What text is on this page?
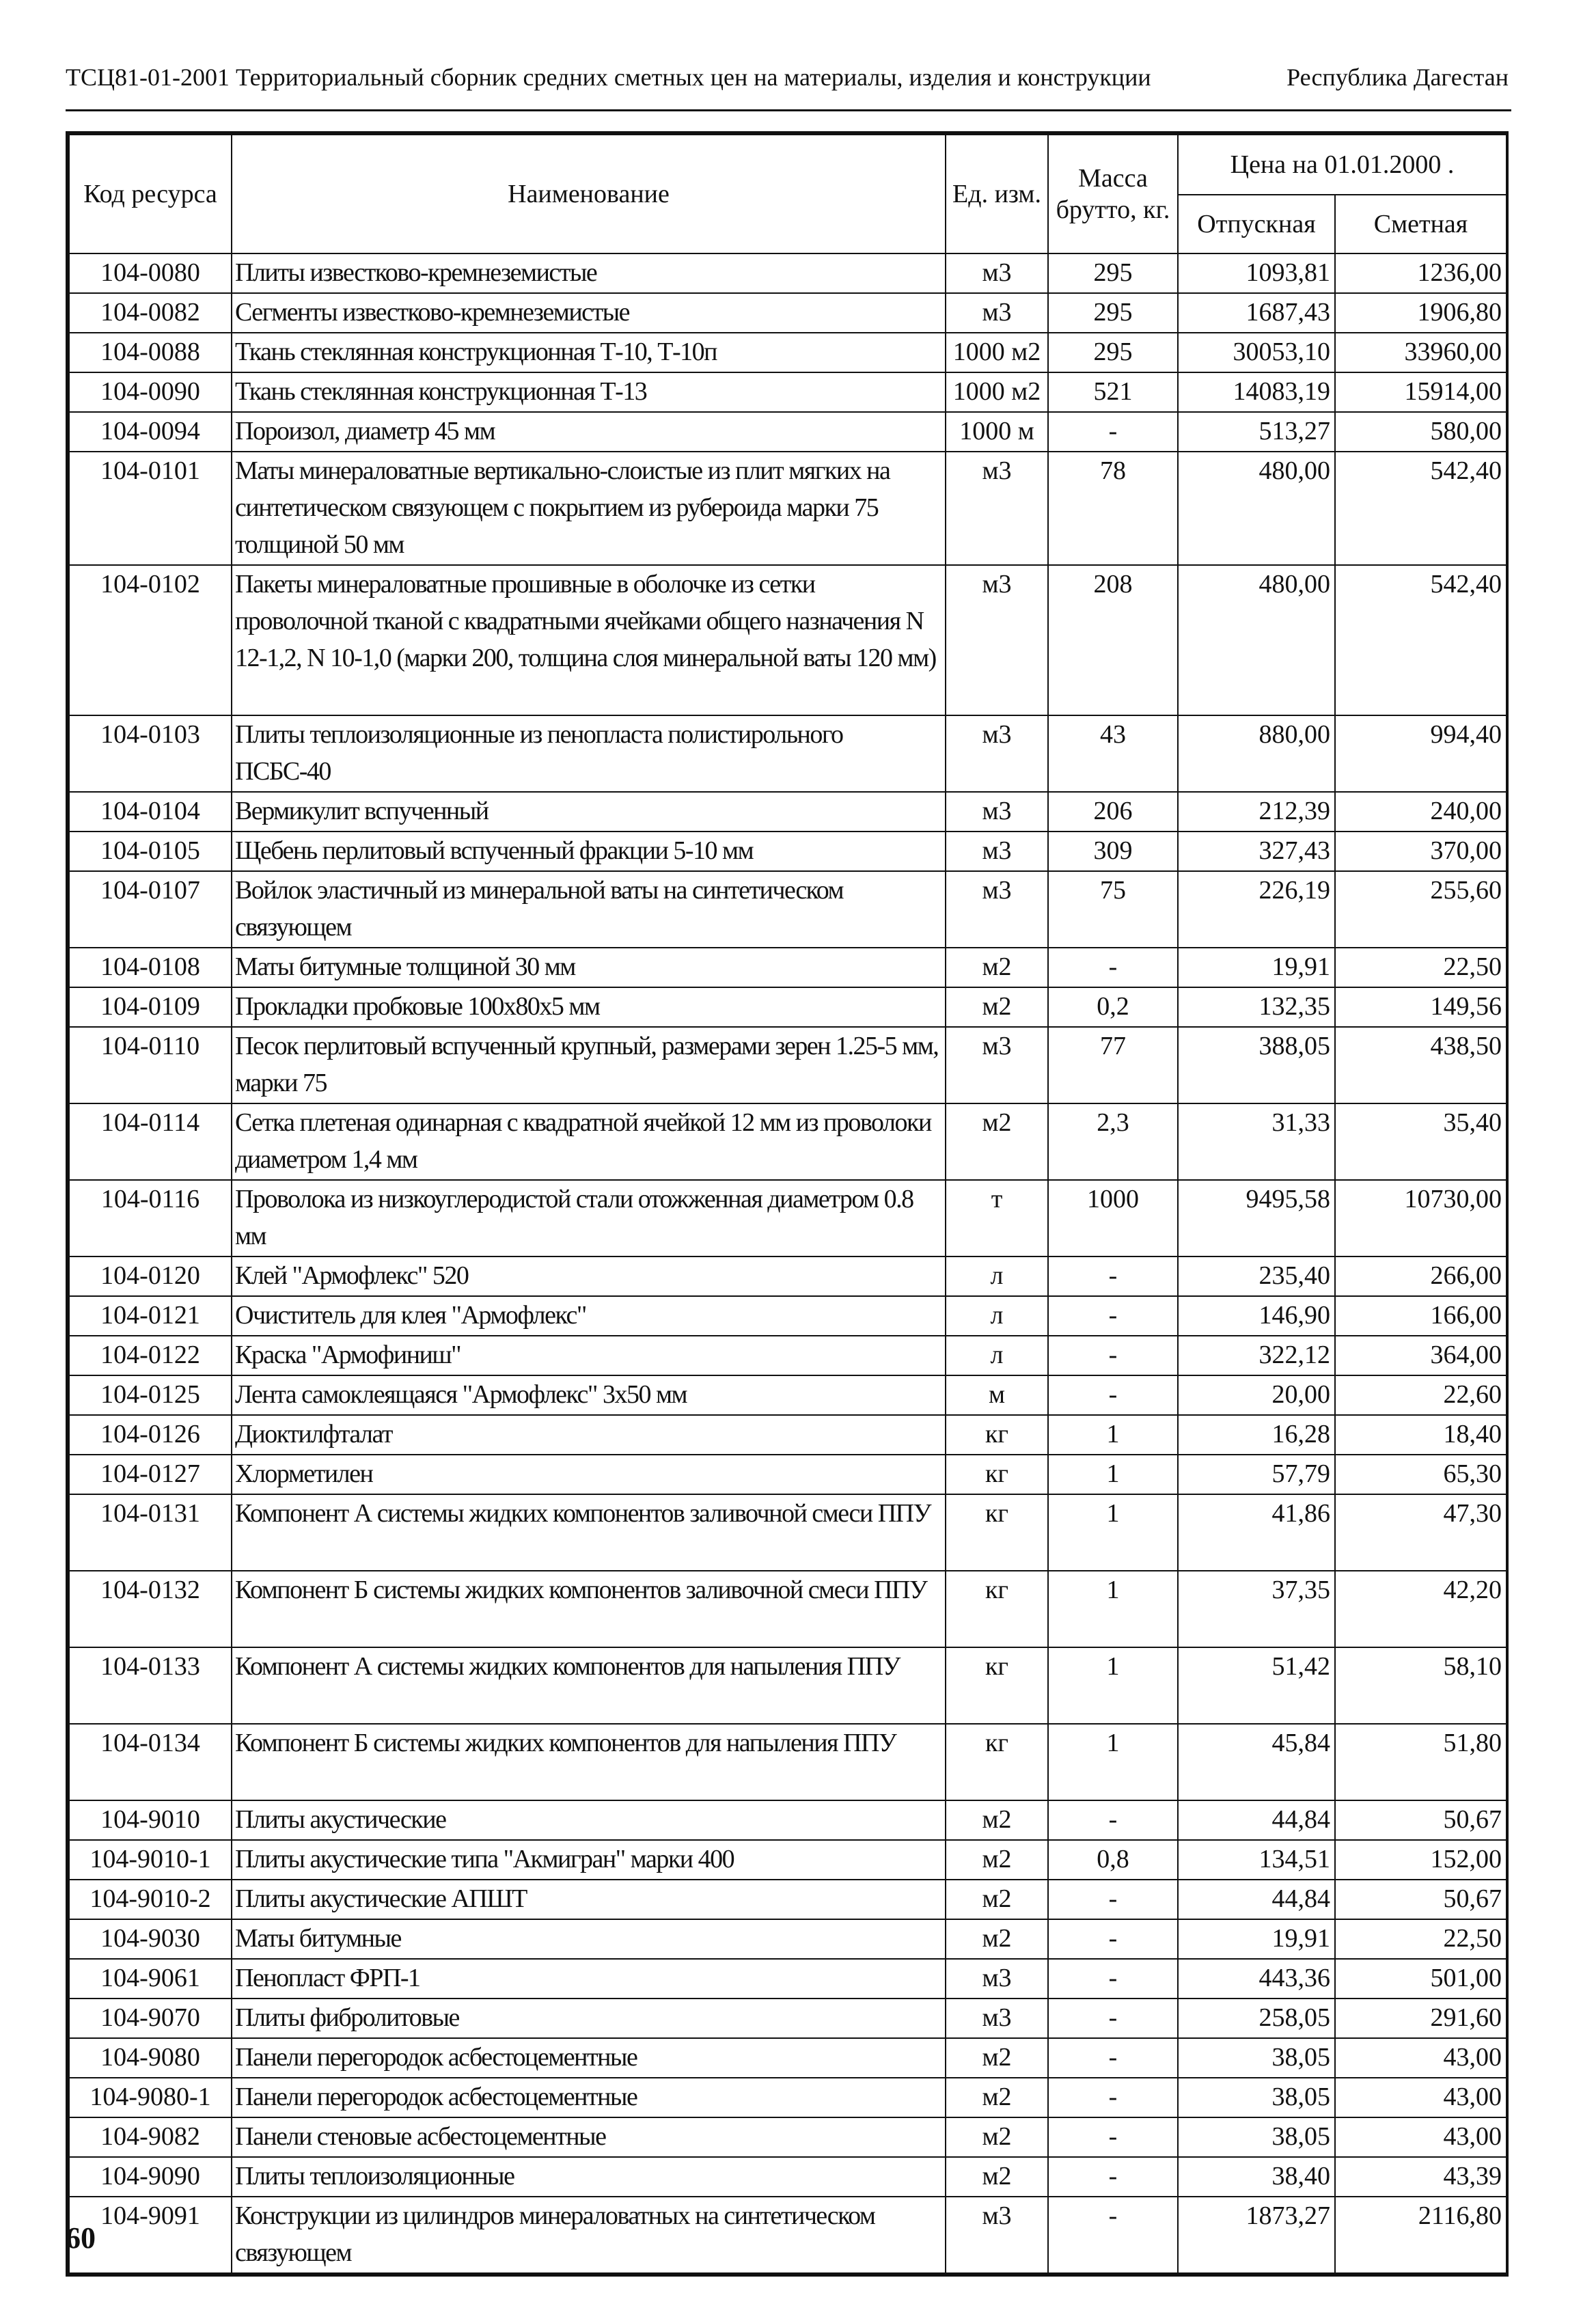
ТСЦ81-01-2001 Территориальный сборник средних сметных цен на материалы, изделия и конструкции	Республика Дагестан
Код ресурса	Наименование	Ед. изм.	Масса брутто, кг.	Цена на 01.01.2000 .	
				Отпускная	Сметная
104-0080	Плиты известково-кремнеземистые	м3	295	1093,81	1236,00
104-0082	Сегменты известково-кремнеземистые	м3	295	1687,43	1906,80
104-0088	Ткань стеклянная конструкционная Т-10, Т-10п	1000 м2	295	30053,10	33960,00
104-0090	Ткань стеклянная конструкционная Т-13	1000 м2	521	14083,19	15914,00
104-0094	Пороизол, диаметр 45 мм	1000 м	-	513,27	580,00
104-0101	Маты минераловатные вертикально-слоистые из плит мягких на синтетическом связующем с покрытием из рубероида марки 75 толщиной 50 мм	м3	78	480,00	542,40
104-0102	Пакеты минераловатные прошивные в оболочке из сетки проволочной тканой с квадратными ячейками общего назначения N 12-1,2, N 10-1,0 (марки 200, толщина слоя минеральной ваты 120 мм)	м3	208	480,00	542,40
104-0103	Плиты теплоизоляционные из пенопласта полистирольного ПСБС-40	м3	43	880,00	994,40
104-0104	Вермикулит вспученный	м3	206	212,39	240,00
104-0105	Щебень перлитовый вспученный фракции 5-10 мм	м3	309	327,43	370,00
104-0107	Войлок эластичный из минеральной ваты на синтетическом связующем	м3	75	226,19	255,60
104-0108	Маты битумные толщиной 30 мм	м2	-	19,91	22,50
104-0109	Прокладки пробковые 100х80х5 мм	м2	0,2	132,35	149,56
104-0110	Песок перлитовый вспученный крупный, размерами зерен 1.25-5 мм, марки 75	м3	77	388,05	438,50
104-0114	Сетка плетеная одинарная с квадратной ячейкой 12 мм из проволоки диаметром 1,4 мм	м2	2,3	31,33	35,40
104-0116	Проволока из низкоуглеродистой стали отожженная диаметром 0.8 мм	т	1000	9495,58	10730,00
104-0120	Клей "Армофлекс" 520	л	-	235,40	266,00
104-0121	Очиститель для клея "Армофлекс"	л	-	146,90	166,00
104-0122	Краска "Армофиниш"	л	-	322,12	364,00
104-0125	Лента самоклеящаяся "Армофлекс" 3х50 мм	м	-	20,00	22,60
104-0126	Диоктилфталат	кг	1	16,28	18,40
104-0127	Хлорметилен	кг	1	57,79	65,30
104-0131	Компонент А системы жидких компонентов заливочной смеси ППУ	кг	1	41,86	47,30
104-0132	Компонент Б системы жидких компонентов заливочной смеси ППУ	кг	1	37,35	42,20
104-0133	Компонент А системы жидких компонентов для напыления ППУ	кг	1	51,42	58,10
104-0134	Компонент Б системы жидких компонентов для напыления ППУ	кг	1	45,84	51,80
104-9010	Плиты акустические	м2	-	44,84	50,67
104-9010-1	Плиты акустические типа "Акмигран" марки 400	м2	0,8	134,51	152,00
104-9010-2	Плиты акустические АПШТ	м2	-	44,84	50,67
104-9030	Маты битумные	м2	-	19,91	22,50
104-9061	Пенопласт ФРП-1	м3	-	443,36	501,00
104-9070	Плиты фибролитовые	м3	-	258,05	291,60
104-9080	Панели перегородок асбестоцементные	м2	-	38,05	43,00
104-9080-1	Панели перегородок асбестоцементные	м2	-	38,05	43,00
104-9082	Панели стеновые асбестоцементные	м2	-	38,05	43,00
104-9090	Плиты теплоизоляционные	м2	-	38,40	43,39
104-9091	Конструкции из цилиндров минераловатных на синтетическом связующем	м3	-	1873,27	2116,80
60
